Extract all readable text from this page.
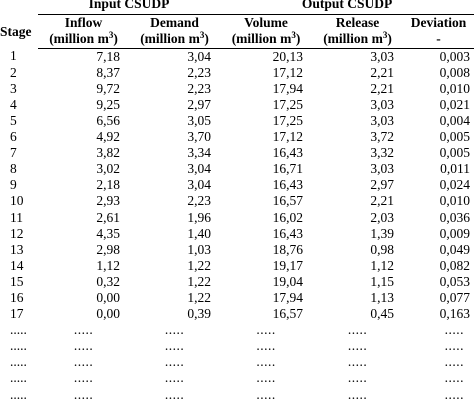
	Input CSUDP		Output CSUDP		
Stage	Inflow	Demand	Volume	Release	Deviation
	(million $m^3$)	(million $m^3$)	(million $m^3$)	(million $m^3$)	-
1	7,18	3,04	20,13	3,03	0,003
2	8,37	2,23	17,12	2,21	0,008
3	9,72	2,23	17,94	2,21	0,010
4	9,25	2,97	17,25	3,03	0,021
5	6,56	3,05	17,25	3,03	0,004
6	4,92	3,70	17,12	3,72	0,005
7	3,82	3,34	16,43	3,32	0,005
8	3,02	3,04	16,71	3,03	0,011
9	2,18	3,04	16,43	2,97	0,024
10	2,93	2,23	16,57	2,21	0,010
11	2,61	1,96	16,02	2,03	0,036
12	4,35	1,40	16,43	1,39	0,009
13	2,98	1,03	18,76	0,98	0,049
14	1,12	1,22	19,17	1,12	0,082
15	0,32	1,22	19,04	1,15	0,053
16	0,00	1,22	17,94	1,13	0,077
17	0,00	0,39	16,57	0,45	0,163
.....	.....	.....	.....	.....	.....
.....	.....	.....	.....	.....	.....
.....	.....	.....	.....	.....	.....
.....	.....	.....	.....	.....	.....
.....	.....	.....	.....	.....	.....
